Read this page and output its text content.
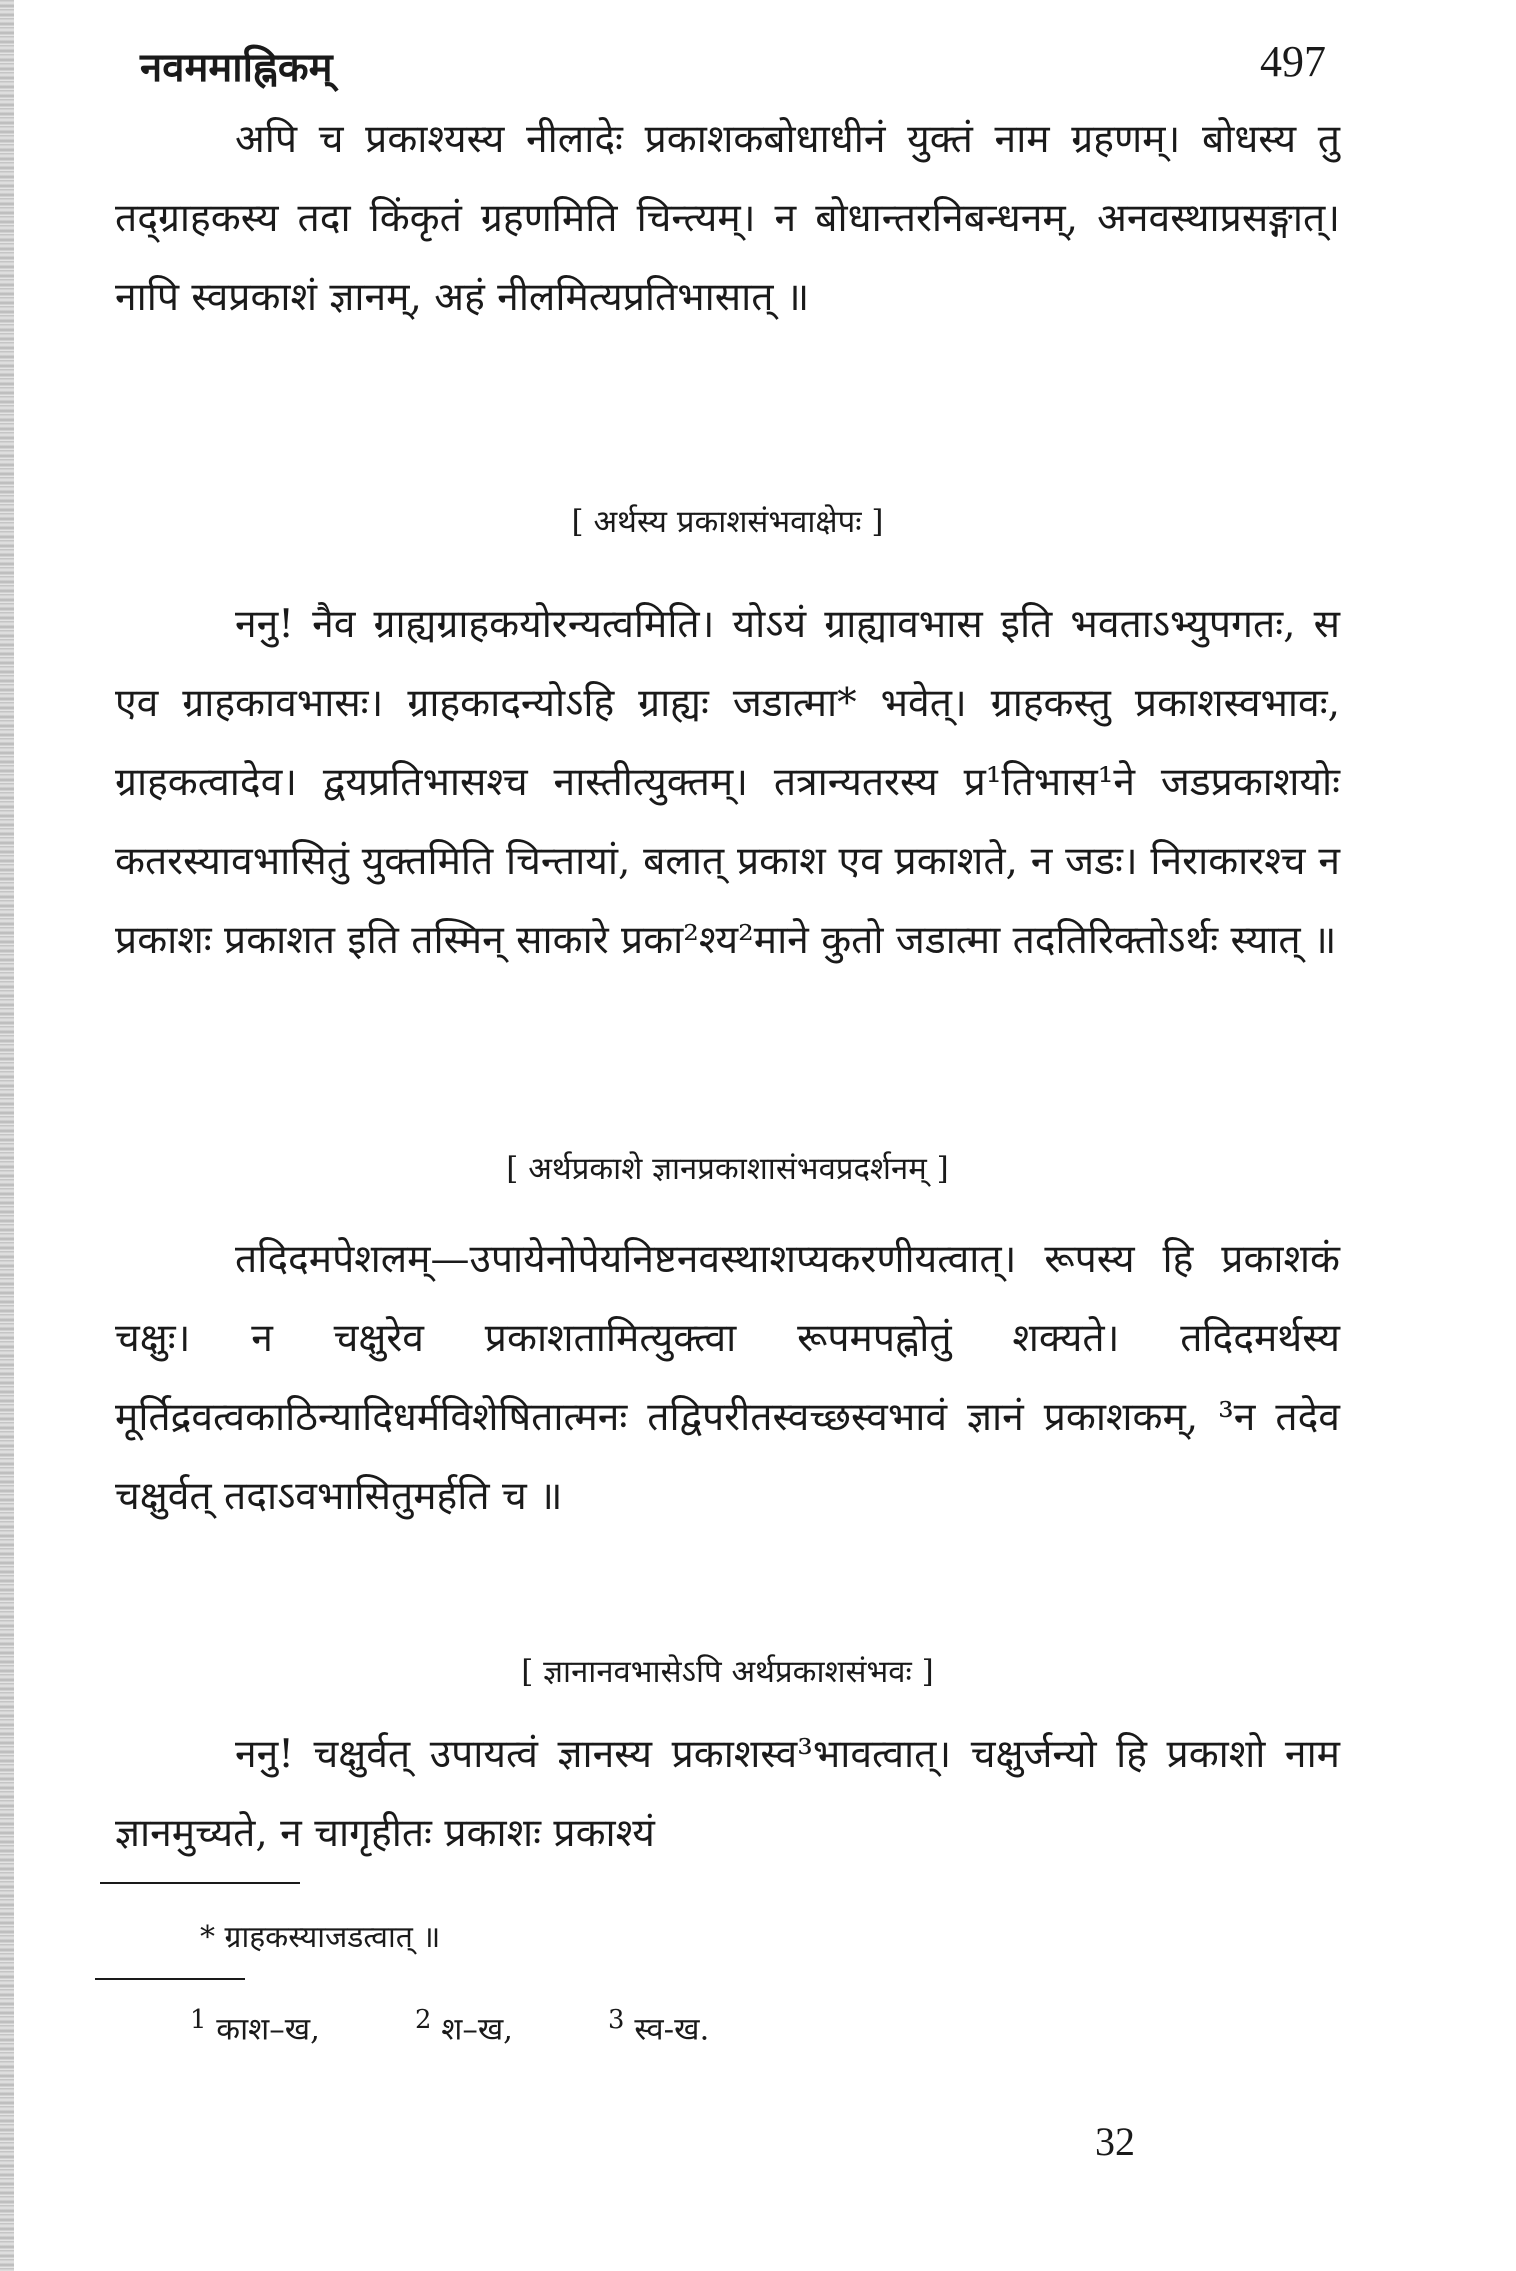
नवममाह्निकम्	497

अपि च प्रकाश्यस्य नीलादेः प्रकाशकबोधाधीनं युक्तं नाम ग्रहणम्। बोधस्य तु तद्ग्राहकस्य तदा किंकृतं ग्रहणमिति चिन्त्यम्। न बोधान्तरनिबन्धनम्, अनवस्थाप्रसङ्गात्। नापि स्वप्रकाशं ज्ञानम्, अहं नीलमित्यप्रतिभासात् ॥

[ अर्थस्य प्रकाशसंभवाक्षेपः ]

ननु! नैव ग्राह्यग्राहकयोरन्यत्वमिति। योऽयं ग्राह्यावभास इति भवताऽभ्युपगतः, स एव ग्राहकावभासः। ग्राहकादन्योऽहि ग्राह्यः जडात्मा* भवेत्। ग्राहकस्तु प्रकाशस्वभावः, ग्राहकत्वादेव। द्वयप्रतिभासश्च नास्तीत्युक्तम्। तत्रान्यतरस्य प्र¹तिभास¹ने जडप्रकाशयोः कतरस्यावभासितुं युक्तमिति चिन्तायां, बलात् प्रकाश एव प्रकाशते, न जडः। निराकारश्च न प्रकाशः प्रकाशत इति तस्मिन् साकारे प्रका²श्य²माने कुतो जडात्मा तदतिरिक्तोऽर्थः स्यात् ॥

[ अर्थप्रकाशे ज्ञानप्रकाशासंभवप्रदर्शनम् ]

तदिदमपेशलम्—उपायेनोपेयनिष्टनवस्थाशप्यकरणीयत्वात्। रूपस्य हि प्रकाशकं चक्षुः। न चक्षुरेव प्रकाशतामित्युक्त्वा रूपमपह्नोतुं शक्यते। तदिदमर्थस्य मूर्तिद्रवत्वकाठिन्यादिधर्मविशेषितात्मनः तद्विपरीतस्वच्छस्वभावं ज्ञानं प्रकाशकम्, ³न तदेव चक्षुर्वत् तदाऽवभासितुमर्हति च ॥

[ ज्ञानानवभासेऽपि अर्थप्रकाशसंभवः ]

ननु! चक्षुर्वत् उपायत्वं ज्ञानस्य प्रकाशस्व³भावत्वात्। चक्षुर्जन्यो हि प्रकाशो नाम ज्ञानमुच्यते, न चागृहीतः प्रकाशः प्रकाश्यं

* ग्राहकस्याजडत्वात् ॥
$^1$ काश–ख,	$^2$ श–ख,	$^3$ स्व-ख.
32
